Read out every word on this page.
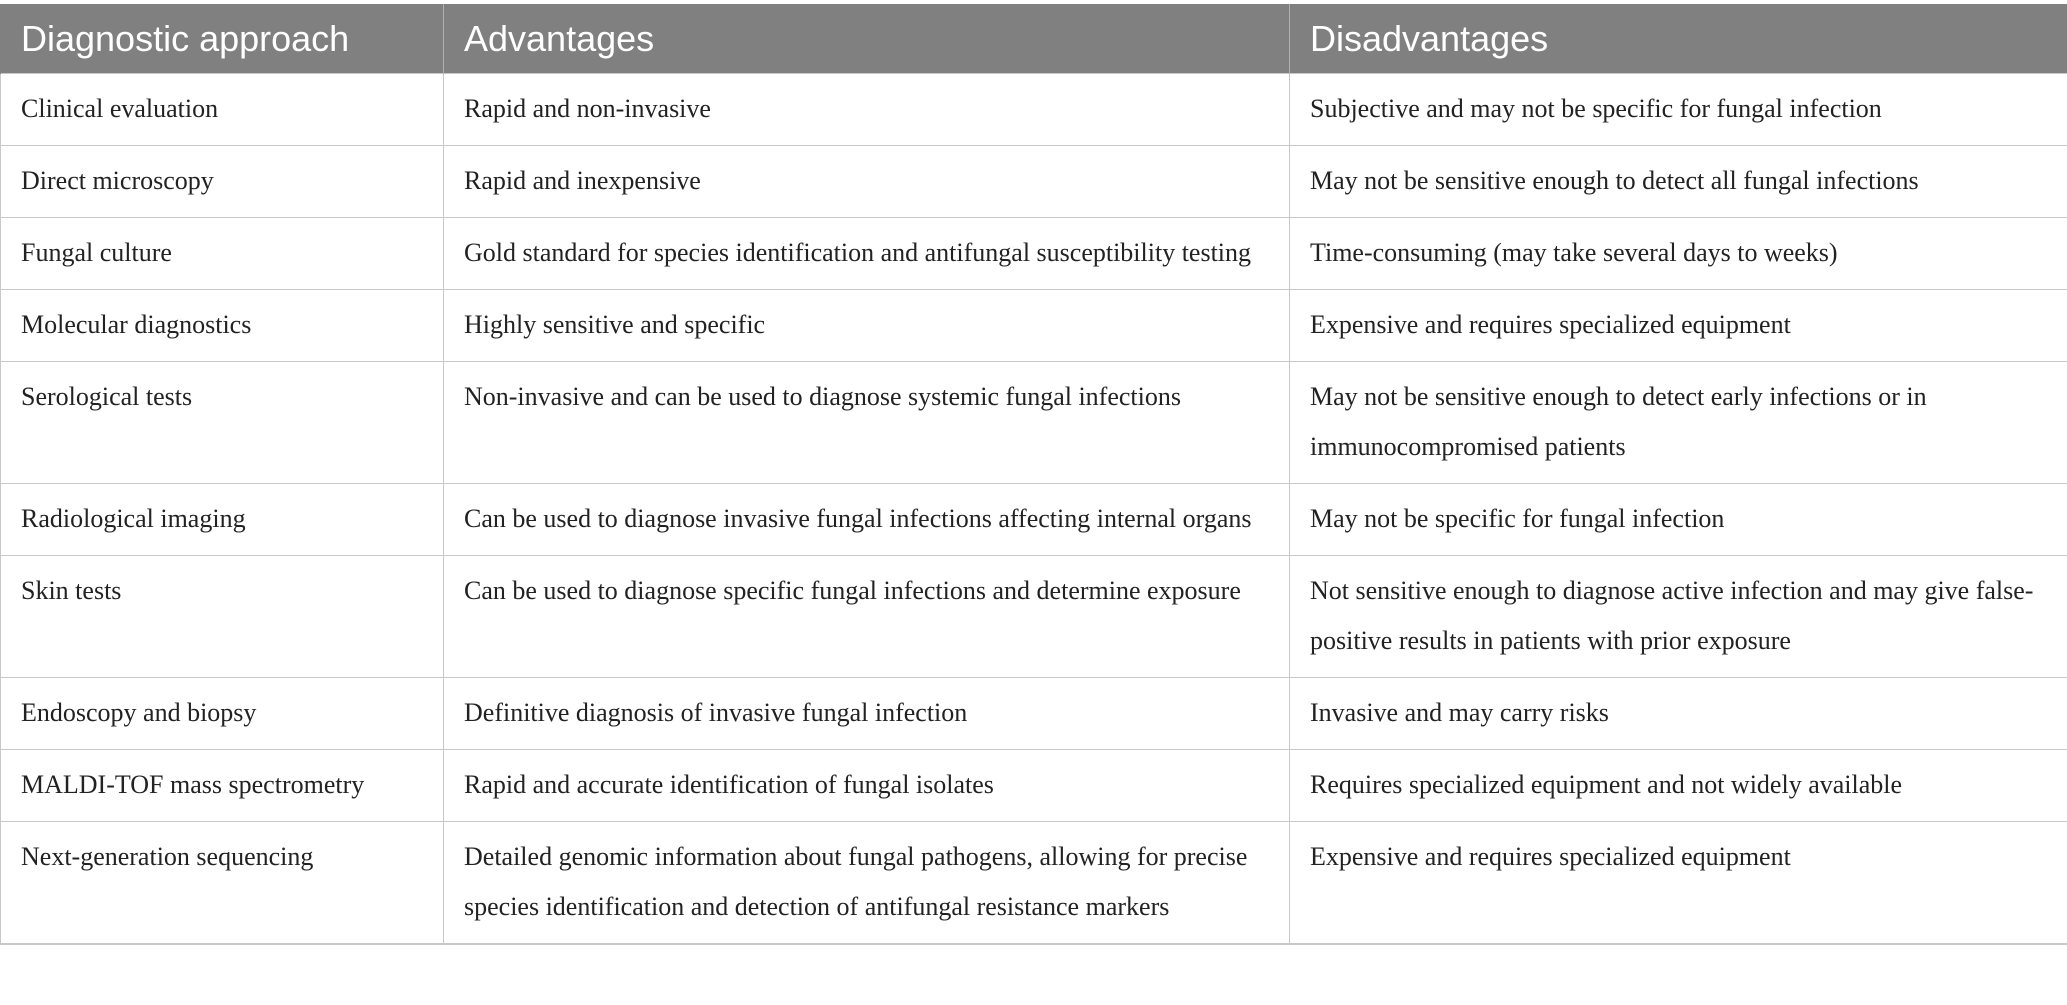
Diagnostic approach	Advantages	Disadvantages
Clinical evaluation	Rapid and non-invasive	Subjective and may not be specific for fungal infection
Direct microscopy	Rapid and inexpensive	May not be sensitive enough to detect all fungal infections
Fungal culture	Gold standard for species identification and antifungal susceptibility testing	Time-consuming (may take several days to weeks)
Molecular diagnostics	Highly sensitive and specific	Expensive and requires specialized equipment
Serological tests	Non-invasive and can be used to diagnose systemic fungal infections	May not be sensitive enough to detect early infections or in immunocompromised patients
Radiological imaging	Can be used to diagnose invasive fungal infections affecting internal organs	May not be specific for fungal infection
Skin tests	Can be used to diagnose specific fungal infections and determine exposure	Not sensitive enough to diagnose active infection and may give false-positive results in patients with prior exposure
Endoscopy and biopsy	Definitive diagnosis of invasive fungal infection	Invasive and may carry risks
MALDI-TOF mass spectrometry	Rapid and accurate identification of fungal isolates	Requires specialized equipment and not widely available
Next-generation sequencing	Detailed genomic information about fungal pathogens, allowing for precise species identification and detection of antifungal resistance markers	Expensive and requires specialized equipment
